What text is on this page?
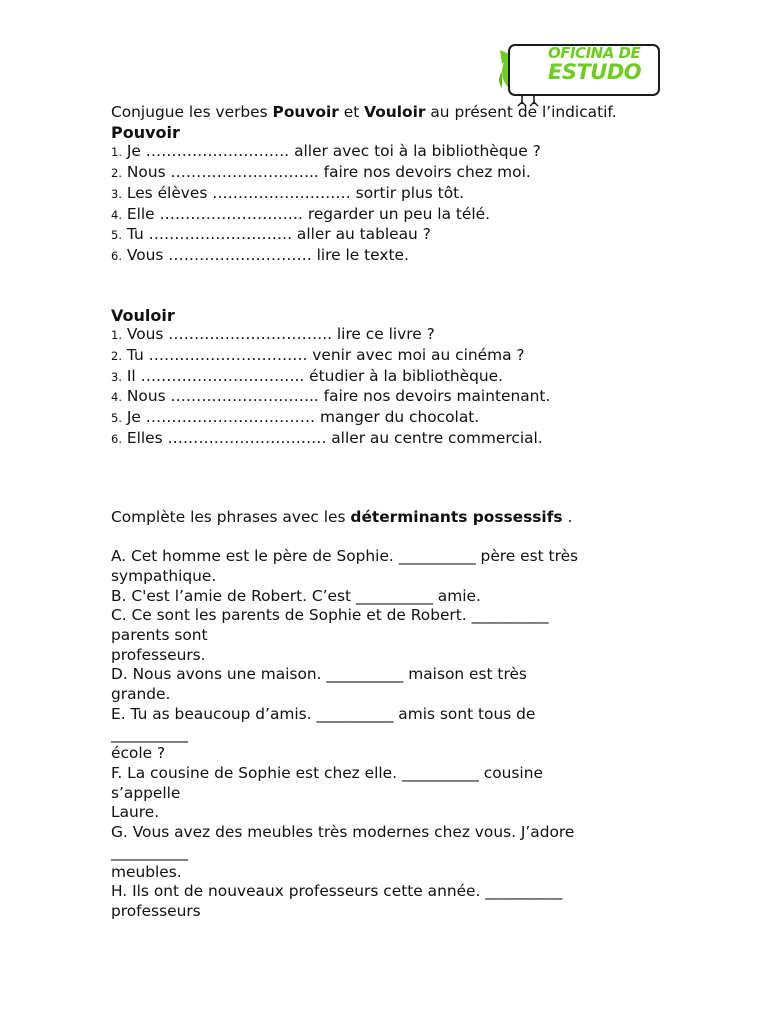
OFICINA DE
ESTUDO

Conjugue les verbes Pouvoir et Vouloir au présent de l’indicatif.

Pouvoir

1. Je ………………………. aller avec toi à la bibliothèque ?

2. Nous ……………………….. faire nos devoirs chez moi.

3. Les élèves ……………………… sortir plus tôt.

4. Elle ………………………. regarder un peu la télé.

5. Tu ………………………. aller au tableau ?

6. Vous ………………………. lire le texte.

Vouloir

1. Vous ………………………….. lire ce livre ?

2. Tu …………………………. venir avec moi au cinéma ?

3. Il ………………………….. étudier à la bibliothèque.

4. Nous ……………………….. faire nos devoirs maintenant.

5. Je …………………………… manger du chocolat.

6. Elles …………………………. aller au centre commercial.

Complète les phrases avec les déterminants possessifs .

A. Cet homme est le père de Sophie. __________ père est très

sympathique.

B. C'est l’amie de Robert. C’est __________ amie.

C. Ce sont les parents de Sophie et de Robert. __________

parents sont

professeurs.

D. Nous avons une maison. __________ maison est très

grande.

E. Tu as beaucoup d’amis. __________ amis sont tous de

__________

école ?

F. La cousine de Sophie est chez elle. __________ cousine

s’appelle

Laure.

G. Vous avez des meubles très modernes chez vous. J’adore

__________

meubles.

H. Ils ont de nouveaux professeurs cette année. __________

professeurs
